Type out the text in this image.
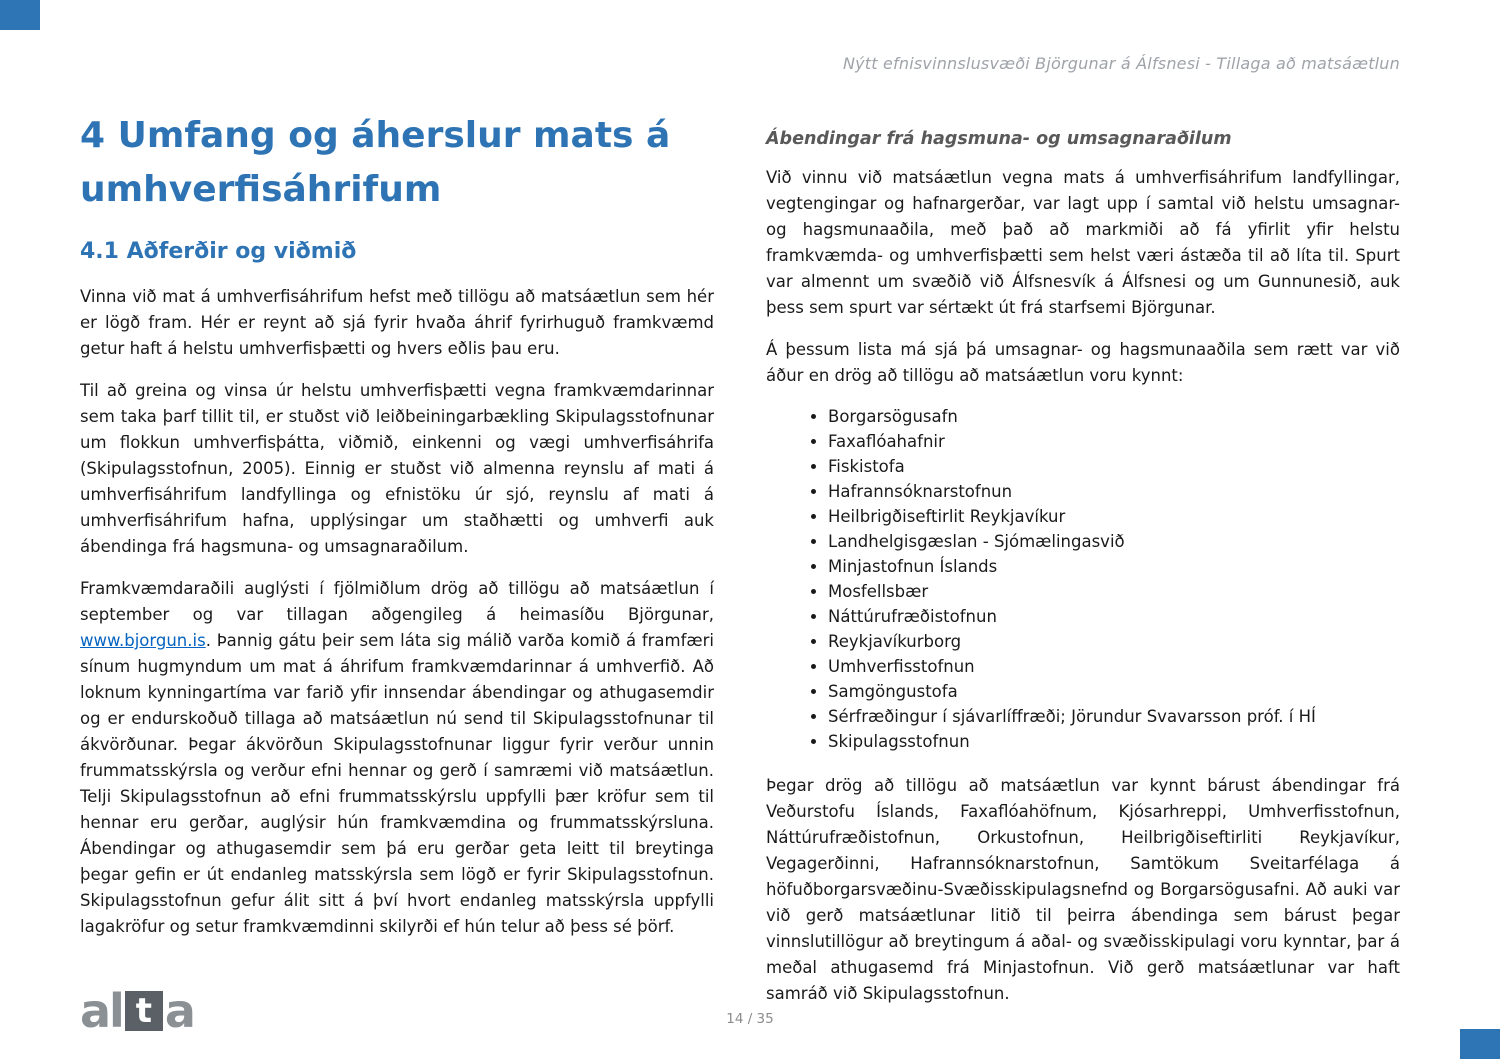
Nýtt efnisvinnslusvæði Björgunar á Álfsnesi - Tillaga að matsáætlun
4 Umfang og áherslur mats á umhverfisáhrifum
4.1 Aðferðir og viðmið

Vinna við mat á umhverfisáhrifum hefst með tillögu að matsáætlun sem hér er lögð fram. Hér er reynt að sjá fyrir hvaða áhrif fyrirhuguð framkvæmd getur haft á helstu umhverfisþætti og hvers eðlis þau eru.

Til að greina og vinsa úr helstu umhverfisþætti vegna framkvæmdarinnar sem taka þarf tillit til, er stuðst við leiðbeiningarbækling Skipulagsstofnunar um flokkun umhverfisþátta, viðmið, einkenni og vægi umhverfisáhrifa (Skipulagsstofnun, 2005). Einnig er stuðst við almenna reynslu af mati á umhverfisáhrifum landfyllinga og efnistöku úr sjó, reynslu af mati á umhverfisáhrifum hafna, upplýsingar um staðhætti og umhverfi auk ábendinga frá hagsmuna- og umsagnaraðilum.

Framkvæmdaraðili auglýsti í fjölmiðlum drög að tillögu að matsáætlun í september og var tillagan aðgengileg á heimasíðu Björgunar, www.bjorgun.is. Þannig gátu þeir sem láta sig málið varða komið á framfæri sínum hugmyndum um mat á áhrifum framkvæmdarinnar á umhverfið. Að loknum kynningartíma var farið yfir innsendar ábendingar og athugasemdir og er endurskoðuð tillaga að matsáætlun nú send til Skipulagsstofnunar til ákvörðunar. Þegar ákvörðun Skipulagsstofnunar liggur fyrir verður unnin frummatsskýrsla og verður efni hennar og gerð í samræmi við matsáætlun. Telji Skipulagsstofnun að efni frummatsskýrslu uppfylli þær kröfur sem til hennar eru gerðar, auglýsir hún framkvæmdina og frummatsskýrsluna. Ábendingar og athugasemdir sem þá eru gerðar geta leitt til breytinga þegar gefin er út endanleg matsskýrsla sem lögð er fyrir Skipulagsstofnun. Skipulagsstofnun gefur álit sitt á því hvort endanleg matsskýrsla uppfylli lagakröfur og setur framkvæmdinni skilyrði ef hún telur að þess sé þörf.

Ábendingar frá hagsmuna- og umsagnaraðilum

Við vinnu við matsáætlun vegna mats á umhverfisáhrifum landfyllingar, vegtengingar og hafnargerðar, var lagt upp í samtal við helstu umsagnar- og hagsmunaaðila, með það að markmiði að fá yfirlit yfir helstu framkvæmda- og umhverfisþætti sem helst væri ástæða til að líta til. Spurt var almennt um svæðið við Álfsnesvík á Álfsnesi og um Gunnunesið, auk þess sem spurt var sértækt út frá starfsemi Björgunar.

Á þessum lista má sjá þá umsagnar- og hagsmunaaðila sem rætt var við áður en drög að tillögu að matsáætlun voru kynnt:

• Borgarsögusafn
• Faxaflóahafnir
• Fiskistofa
• Hafrannsóknarstofnun
• Heilbrigðiseftirlit Reykjavíkur
• Landhelgisgæslan - Sjómælingasvið
• Minjastofnun Íslands
• Mosfellsbær
• Náttúrufræðistofnun
• Reykjavíkurborg
• Umhverfisstofnun
• Samgöngustofa
• Sérfræðingur í sjávarlíffræði; Jörundur Svavarsson próf. í HÍ
• Skipulagsstofnun

Þegar drög að tillögu að matsáætlun var kynnt bárust ábendingar frá Veðurstofu Íslands, Faxaflóahöfnum, Kjósarhreppi, Umhverfisstofnun, Náttúrufræðistofnun, Orkustofnun, Heilbrigðiseftirliti Reykjavíkur, Vegagerðinni, Hafrannsóknarstofnun, Samtökum Sveitarfélaga á höfuðborgarsvæðinu-Svæðisskipulagsnefnd og Borgarsögusafni. Að auki var við gerð matsáætlunar litið til þeirra ábendinga sem bárust þegar vinnslutillögur að breytingum á aðal- og svæðisskipulagi voru kynntar, þar á meðal athugasemd frá Minjastofnun. Við gerð matsáætlunar var haft samráð við Skipulagsstofnun.

a l t a	14 / 35
